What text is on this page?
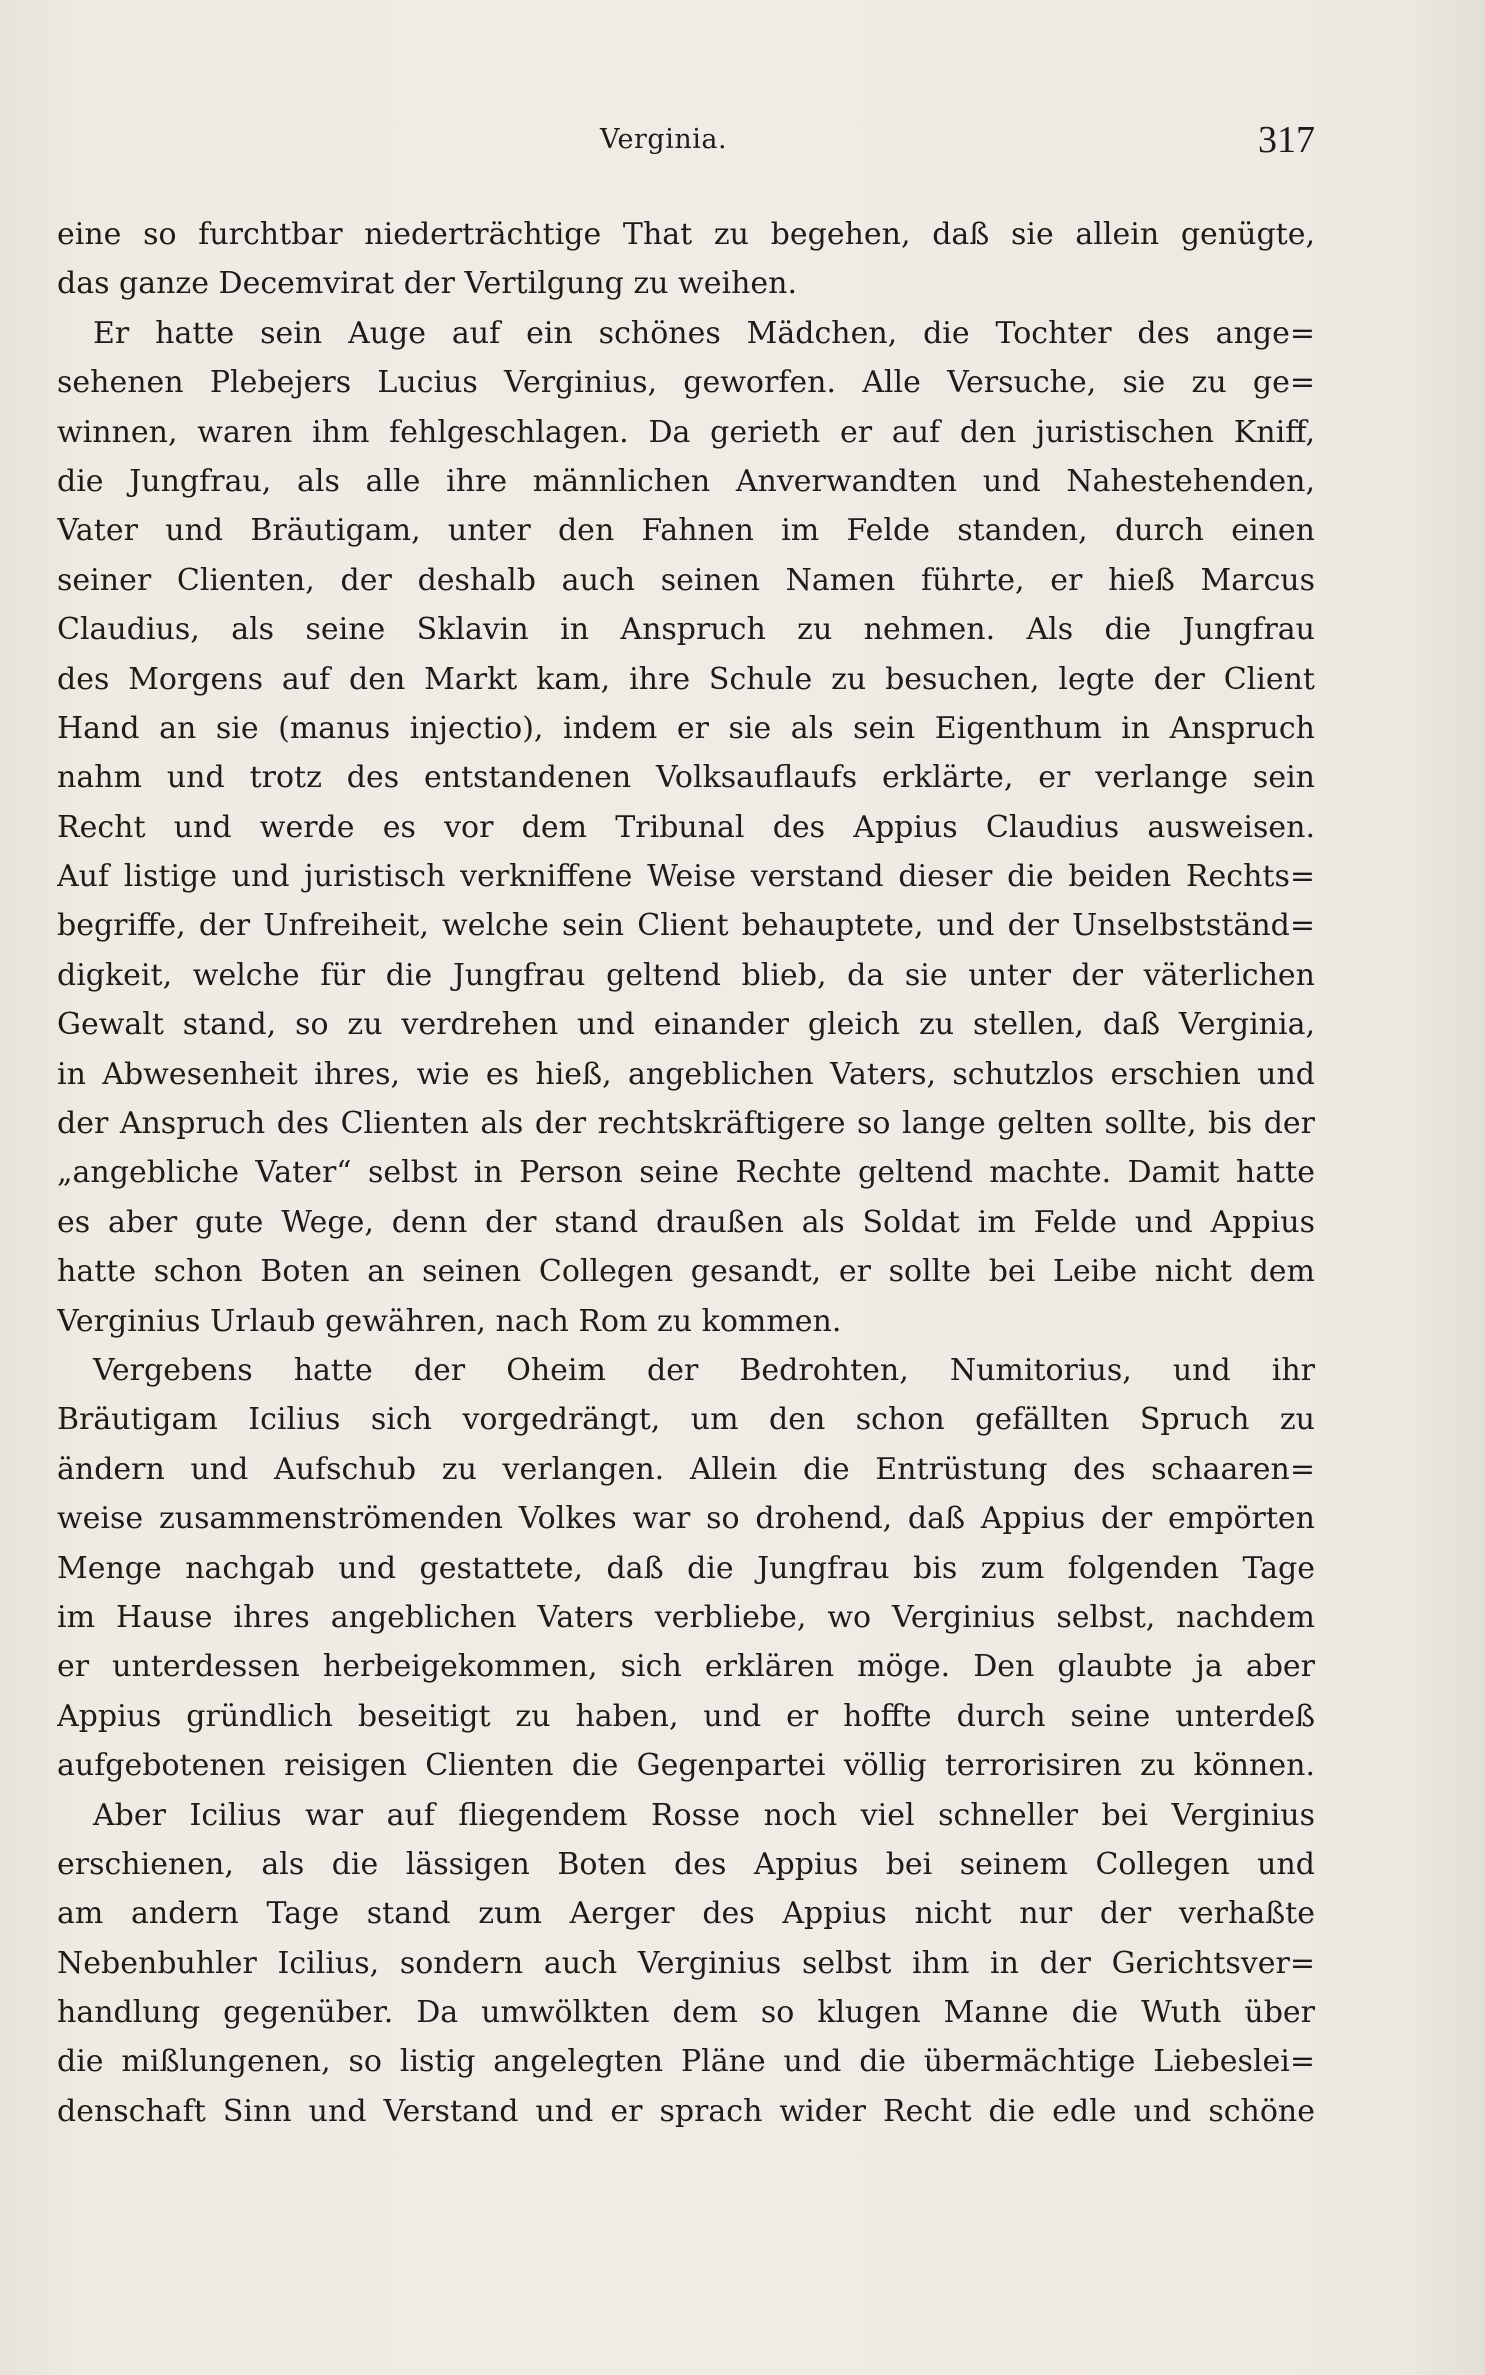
Verginia.	317
eine so furchtbar niederträchtige That zu begehen, daß sie allein genügte,
das ganze Decemvirat der Vertilgung zu weihen.
Er hatte sein Auge auf ein schönes Mädchen, die Tochter des ange=
sehenen Plebejers Lucius Verginius, geworfen. Alle Versuche, sie zu ge=
winnen, waren ihm fehlgeschlagen. Da gerieth er auf den juristischen Kniff,
die Jungfrau, als alle ihre männlichen Anverwandten und Nahestehenden,
Vater und Bräutigam, unter den Fahnen im Felde standen, durch einen
seiner Clienten, der deshalb auch seinen Namen führte, er hieß Marcus
Claudius, als seine Sklavin in Anspruch zu nehmen. Als die Jungfrau
des Morgens auf den Markt kam, ihre Schule zu besuchen, legte der Client
Hand an sie (manus injectio), indem er sie als sein Eigenthum in Anspruch
nahm und trotz des entstandenen Volksauflaufs erklärte, er verlange sein
Recht und werde es vor dem Tribunal des Appius Claudius ausweisen.
Auf listige und juristisch verkniffene Weise verstand dieser die beiden Rechts=
begriffe, der Unfreiheit, welche sein Client behauptete, und der Unselbstständ=
digkeit, welche für die Jungfrau geltend blieb, da sie unter der väterlichen
Gewalt stand, so zu verdrehen und einander gleich zu stellen, daß Verginia,
in Abwesenheit ihres, wie es hieß, angeblichen Vaters, schutzlos erschien und
der Anspruch des Clienten als der rechtskräftigere so lange gelten sollte, bis der
„angebliche Vater“ selbst in Person seine Rechte geltend machte. Damit hatte
es aber gute Wege, denn der stand draußen als Soldat im Felde und Appius
hatte schon Boten an seinen Collegen gesandt, er sollte bei Leibe nicht dem
Verginius Urlaub gewähren, nach Rom zu kommen.
Vergebens hatte der Oheim der Bedrohten, Numitorius, und ihr
Bräutigam Icilius sich vorgedrängt, um den schon gefällten Spruch zu
ändern und Aufschub zu verlangen. Allein die Entrüstung des schaaren=
weise zusammenströmenden Volkes war so drohend, daß Appius der empörten
Menge nachgab und gestattete, daß die Jungfrau bis zum folgenden Tage
im Hause ihres angeblichen Vaters verbliebe, wo Verginius selbst, nachdem
er unterdessen herbeigekommen, sich erklären möge. Den glaubte ja aber
Appius gründlich beseitigt zu haben, und er hoffte durch seine unterdeß
aufgebotenen reisigen Clienten die Gegenpartei völlig terrorisiren zu können.
Aber Icilius war auf fliegendem Rosse noch viel schneller bei Verginius
erschienen, als die lässigen Boten des Appius bei seinem Collegen und
am andern Tage stand zum Aerger des Appius nicht nur der verhaßte
Nebenbuhler Icilius, sondern auch Verginius selbst ihm in der Gerichtsver=
handlung gegenüber. Da umwölkten dem so klugen Manne die Wuth über
die mißlungenen, so listig angelegten Pläne und die übermächtige Liebeslei=
denschaft Sinn und Verstand und er sprach wider Recht die edle und schöne
